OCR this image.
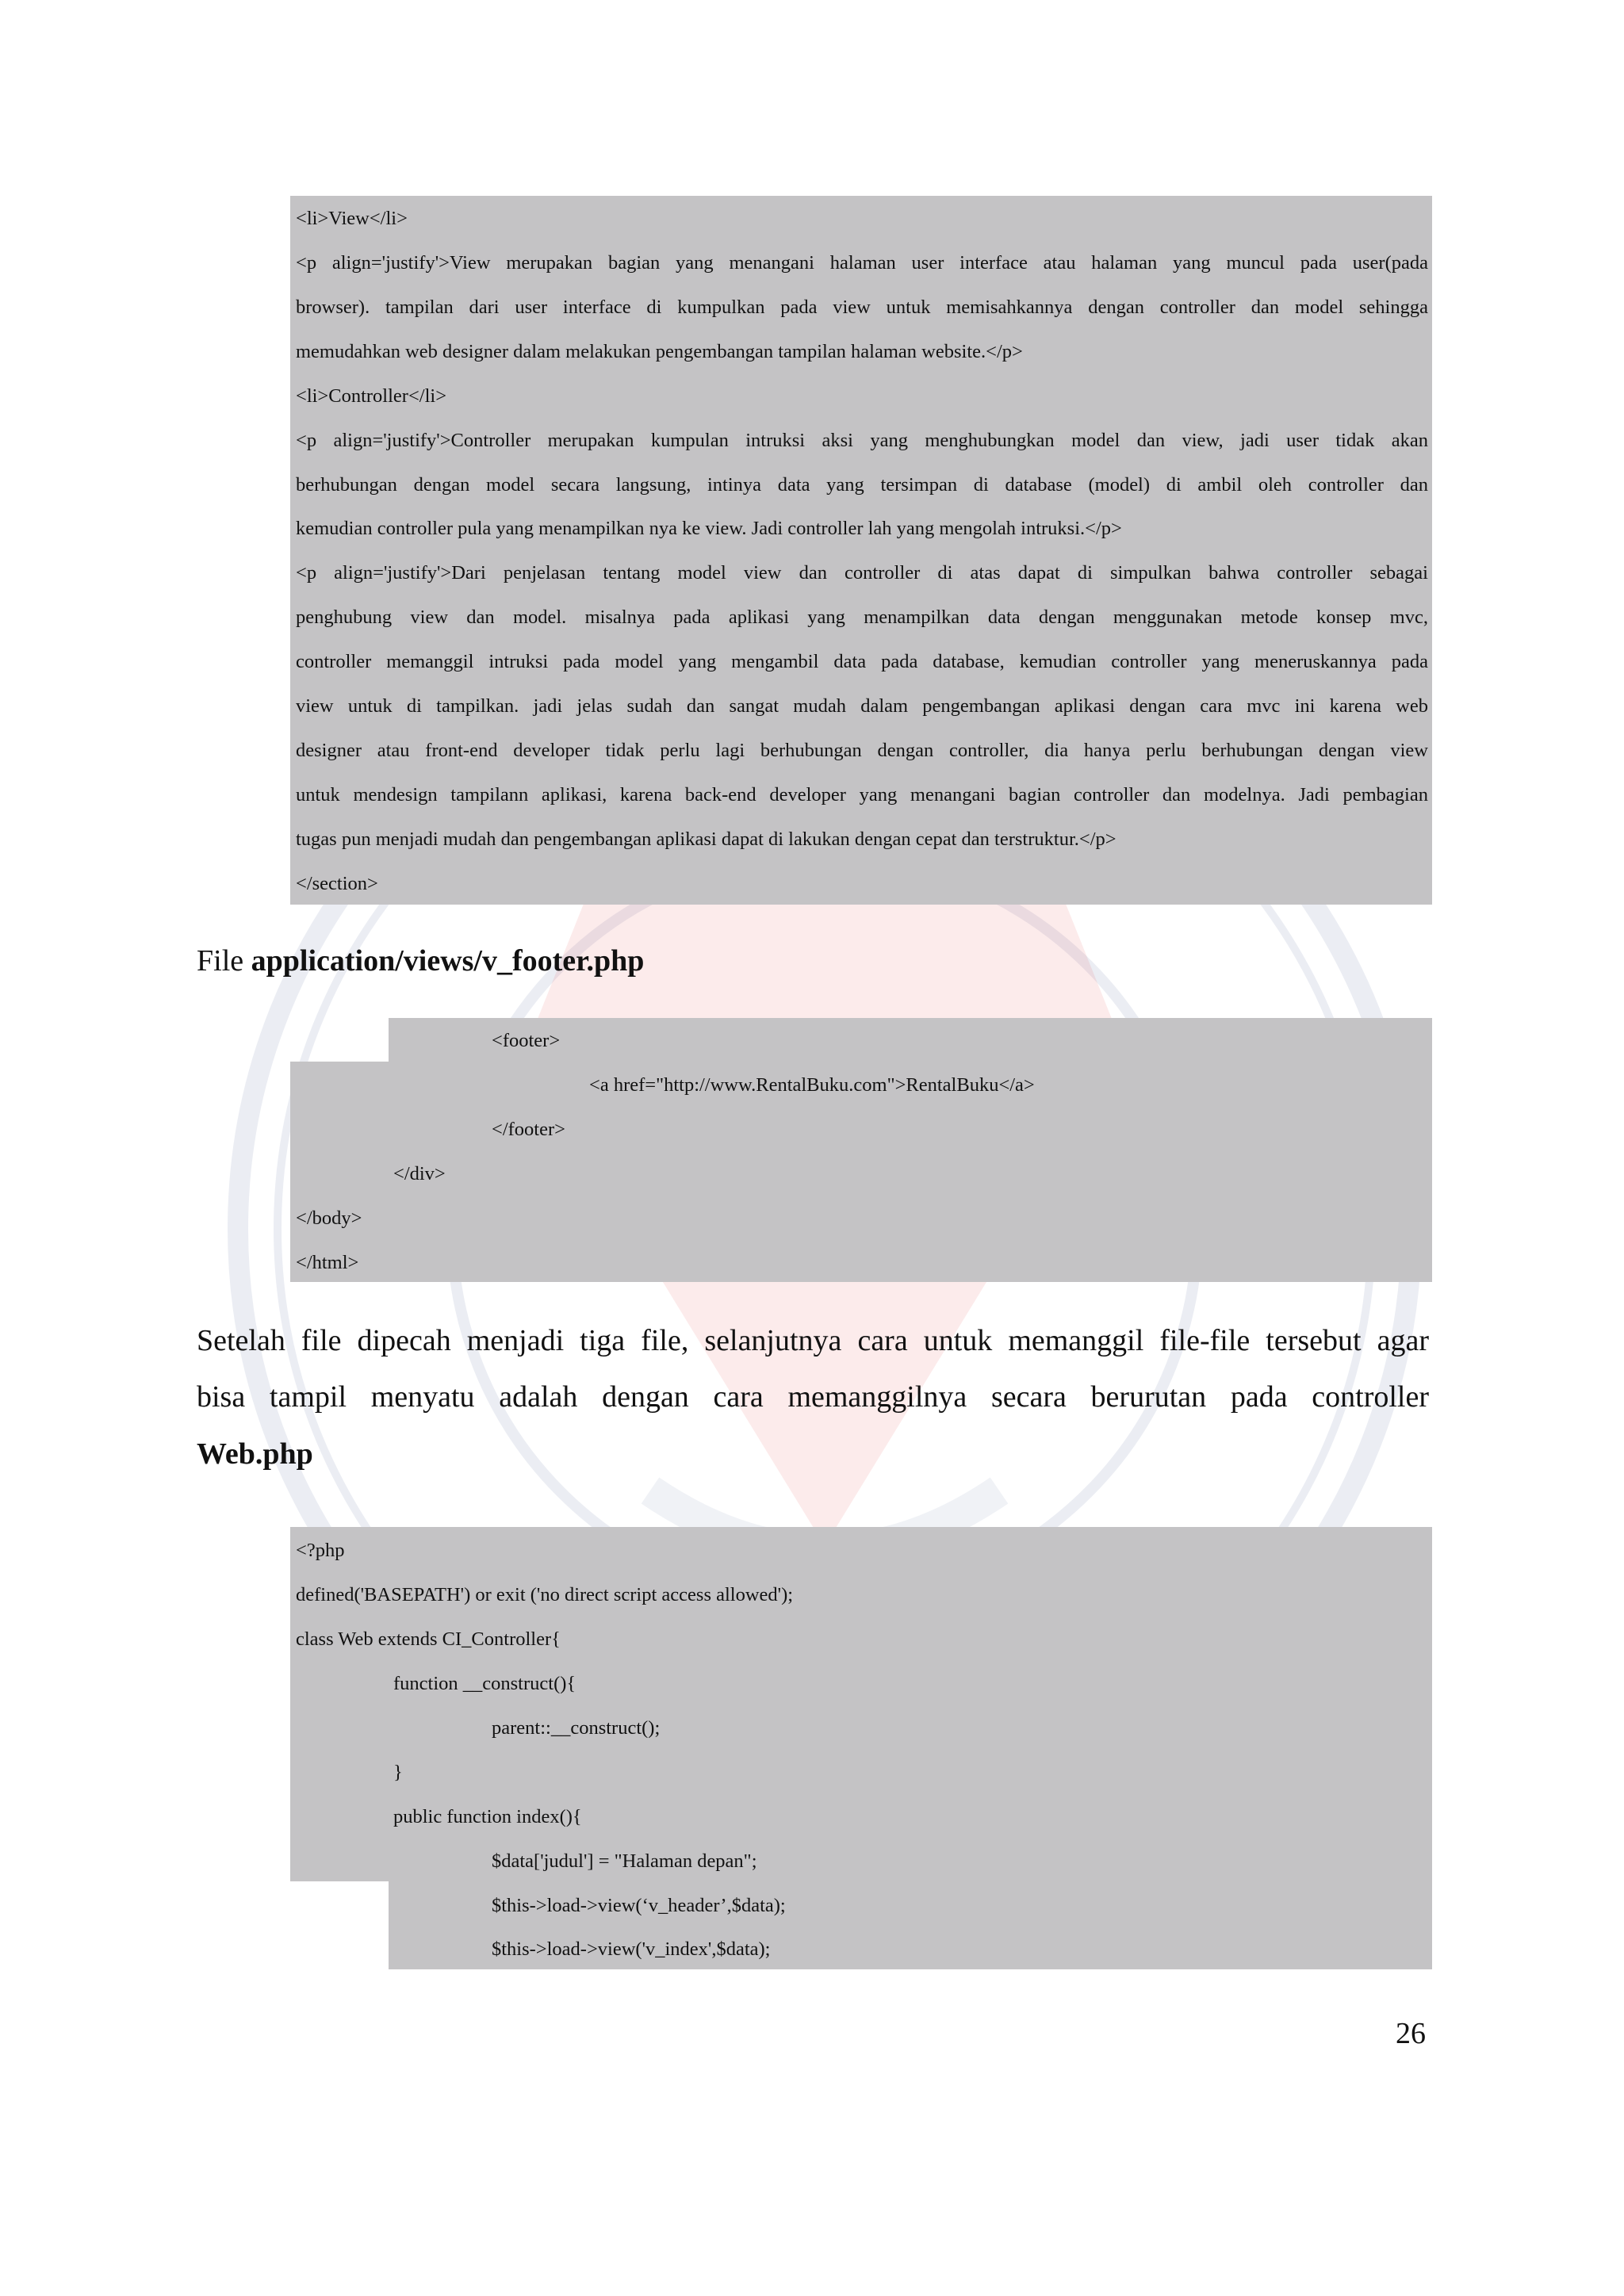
<li>View</li>
<p align='justify'>View merupakan bagian yang menangani halaman user interface atau halaman yang muncul pada user(pada
browser). tampilan dari user interface di kumpulkan pada view untuk memisahkannya dengan controller dan model sehingga
memudahkan web designer dalam melakukan pengembangan tampilan halaman website.</p>
<li>Controller</li>
<p align='justify'>Controller merupakan kumpulan intruksi aksi yang menghubungkan model dan view, jadi user tidak akan
berhubungan dengan model secara langsung, intinya data yang tersimpan di database (model) di ambil oleh controller dan
kemudian controller pula yang menampilkan nya ke view. Jadi controller lah yang mengolah intruksi.</p>
<p align='justify'>Dari penjelasan tentang model view dan controller di atas dapat di simpulkan bahwa controller sebagai
penghubung view dan model. misalnya pada aplikasi yang menampilkan data dengan menggunakan metode konsep mvc,
controller memanggil intruksi pada model yang mengambil data pada database, kemudian controller yang meneruskannya pada
view untuk di tampilkan. jadi jelas sudah dan sangat mudah dalam pengembangan aplikasi dengan cara mvc ini karena web
designer atau front-end developer tidak perlu lagi berhubungan dengan controller, dia hanya perlu berhubungan dengan view
untuk mendesign tampilann aplikasi, karena back-end developer yang menangani bagian controller dan modelnya. Jadi pembagian
tugas pun menjadi mudah dan pengembangan aplikasi dapat di lakukan dengan cepat dan terstruktur.</p>
</section>
File application/views/v_footer.php
<footer>
<a href="http://www.RentalBuku.com">RentalBuku</a>
</footer>
</div>
</body>
</html>
Setelah file dipecah menjadi tiga file, selanjutnya cara untuk memanggil file-file tersebut agar
bisa tampil menyatu adalah dengan cara memanggilnya secara berurutan pada controller
Web.php
<?php
defined('BASEPATH') or exit ('no direct script access allowed');
class Web extends CI_Controller{
function __construct(){
parent::__construct();
}
public function index(){
$data['judul'] = "Halaman depan";
$this->load->view(‘v_header’,$data);
$this->load->view('v_index',$data);
26
